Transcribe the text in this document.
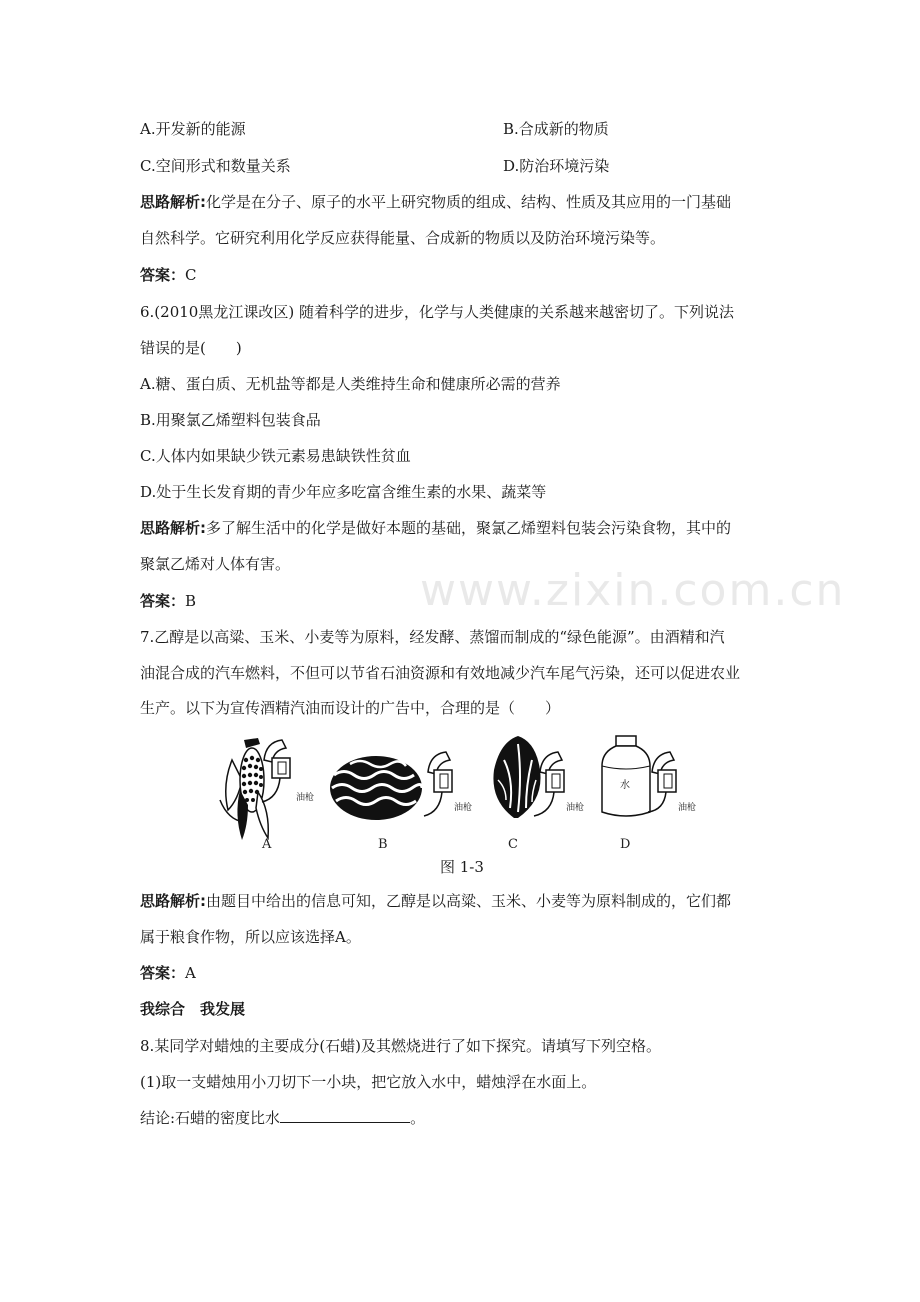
www.zixin.com.cn
A.开发新的能源	B.合成新的物质
C.空间形式和数量关系	D.防治环境污染
思路解析:化学是在分子、原子的水平上研究物质的组成、结构、性质及其应用的一门基础
自然科学。它研究利用化学反应获得能量、合成新的物质以及防治环境污染等。
答案：C
6.(2010黑龙江课改区) 随着科学的进步，化学与人类健康的关系越来越密切了。下列说法
错误的是(　　)
A.糖、蛋白质、无机盐等都是人类维持生命和健康所必需的营养
B.用聚氯乙烯塑料包装食品
C.人体内如果缺少铁元素易患缺铁性贫血
D.处于生长发育期的青少年应多吃富含维生素的水果、蔬菜等
思路解析:多了解生活中的化学是做好本题的基础，聚氯乙烯塑料包装会污染食物，其中的
聚氯乙烯对人体有害。
答案：B
7.乙醇是以高粱、玉米、小麦等为原料，经发酵、蒸馏而制成的“绿色能源”。由酒精和汽
油混合成的汽车燃料，不但可以节省石油资源和有效地减少汽车尾气污染，还可以促进农业
生产。以下为宣传酒精汽油而设计的广告中，合理的是（　　）
油枪
A
油枪
B
油枪
C
水
油枪
D
图 1-3
思路解析:由题目中给出的信息可知，乙醇是以高粱、玉米、小麦等为原料制成的，它们都
属于粮食作物，所以应该选择A。
答案：A
我综合　我发展
8.某同学对蜡烛的主要成分(石蜡)及其燃烧进行了如下探究。请填写下列空格。
(1)取一支蜡烛用小刀切下一小块，把它放入水中，蜡烛浮在水面上。
结论:石蜡的密度比水	。
